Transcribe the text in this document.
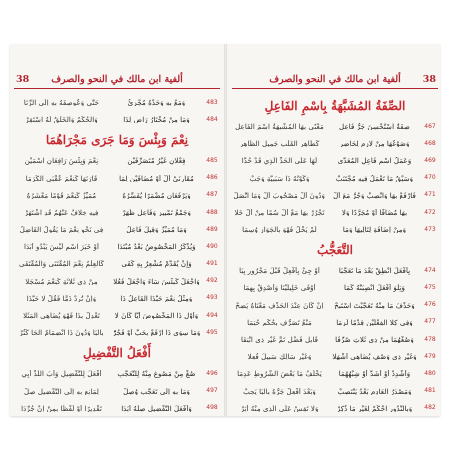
38	ألفية ابن مالك في النحو والصرف
483
وَمَعُ بِهِ وَحَدْهُ مُجْزِئُ
حَتَّى وَعُوصِفَهُ بِهِ إِلَى الرِّنَا
484
وَمَا مِنْ مُخْتَارُ رَاضٍ لِذَا
وَالحُكْمُ وَالخَلْقُ لَهُ اسْتَقِرْ
نِعْمَ وَبِئْسَ وَمَا جَرَى مَجْرَاهُمَا
485
فِعْلانِ غَيْرُ مُتَصَرِّفَيْنِ
نِعْمَ وَبِئْسَ رَافِعَانِ اسْمَيْنِ
486
مُقَارِنَيْ أَلْ أَوْ مُضَافَيْنِ لِمَا
قَارَنَهَا كَنِعْمَ عُقْبَى الكُرَمَا
487
وَيَرْفَعَانِ مُضْمَرًا يُفَسِّرُهُ
مُمَيِّزٌ كَنِعْمَ قَوْمًا مَعْشَرُهُ
488
وَجَمْعُ تَمْيِيزٍ وَفَاعِلٍ ظَهَرْ
فِيهِ خِلافٌ عَنْهُمُ قَدِ اشْتَهَرْ
489
وَمَا مُمَيِّزٌ وَقِيلَ فَاعِلُ
فِي نَحْوِ نِعْمَ مَا يَقُولُ الفَاضِلُ
490
وَيُذْكَرُ المَخْصُوصُ بَعْدُ مُبْتَدَا
أَوْ خَبَرَ اسْمٍ لَيْسَ يَبْدُو أَبَدَا
491
وَإِنْ يُقَدَّمْ مُشْعِرٌ بِهِ كَفَى
كَالعِلْمُ نِعْمَ المُقْتَنَى وَالمُقْتَفَى
492
وَاجْعَلْ كَبِئْسَ سَاءَ وَاجْعَلْ فَعُلا
مِنْ ذِي ثَلاثَةٍ كَنِعْمَ مُسْجَلا
493
وَمِثْلُ نِعْمَ حَبَّذَا الفَاعِلُ ذَا
وَإِنْ تُرِدْ ذَمًّا فَقُلْ لا حَبَّذَا
494
وَأَوْلِ ذَا المَخْصُوصَ أَيًّا كَانَ لا
تَعْدِلْ بِذَا فَهْوَ يُضَاهِي المَثَلا
495
وَمَا سِوَى ذَا ارْفَعْ بِحَبَّ أَوْ فَجُرّْ
بِالبَا وَدُونَ ذَا انْضِمَامُ الحَا كَثُرْ
أَفْعَلُ التَّفْضِيلِ
496
صُغْ مِنْ مَصُوغٍ مِنْهُ لِلتَّعَجُّبِ
أَفْعَلَ لِلتَّفْضِيلِ وَأْبَ اللَّذْ أُبِي
497
وَمَا بِهِ إِلَى تَعَجُّبٍ وُصِلْ
لِمَانِعٍ بِهِ إِلَى التَّفْضِيلِ صِلْ
498
وَأَفْعَلَ التَّفْضِيلِ صِلْهُ أَبَدَا
تَقْدِيرًا أَوْ لَفْظًا بِمِنْ إِنْ جُرِّدَا
38
ألفية ابن مالك في النحو والصرف
الصِّفَةُ المُشَبَّهَةُ بِاسْمِ الفَاعِلِ
467
صِفَةٌ اسْتُحْسِنَ جَرُّ فَاعِلِ
مَعْنًى بِهَا المُشْبِهَةُ اسْمَ الفَاعِلِ
468
وَصَوْغُهَا مِنْ لازِمٍ لِحَاضِرِ
كَطَاهِرِ القَلْبِ جَمِيلِ الظَّاهِرِ
469
وَعَمَلُ اسْمِ فَاعِلِ المُعَدَّى
لَهَا عَلَى الحَدِّ الَّذِي قَدْ حُدَّا
470
وَسَبْقُ مَا تَعْمَلُ فِيهِ مُجْتَنَبْ
وَكَوْنُهُ ذَا سَبَبِيَّةٍ وَجَبْ
471
فَارْفَعْ بِهَا وَانْصِبْ وَجُرَّ مَعَ أَلْ
وَدُونَ أَلْ مَصْحُوبَ أَلْ وَمَا اتَّصَلْ
472
بِهَا مُضَافًا أَوْ مُجَرَّدًا وَلا
تَجْرُرْ بِهَا مَعْ أَلْ سُمًا مِنْ أَلْ خَلا
473
وَمِنْ إِضَافَةٍ لِتَالِيهَا وَمَا
لَمْ يَخْلُ فَهْوَ بِالجَوَازِ وُسِمَا
التَّعَجُّبُ
474
بِأَفْعَلَ انْطِقْ بَعْدَ مَا تَعَجُّبَا
أَوْ جِئْ بِأَفْعِلْ قَبْلَ مَجْرُورٍ بِبَا
475
وَتِلْوَ أَفْعَلَ انْصِبَنَّهُ كَمَا
أَوْفَى خَلِيلَيْنَا وَأَصْدِقْ بِهِمَا
476
وَحَذْفَ مَا مِنْهُ تَعَجَّبْتَ اسْتَبِحْ
إِنْ كَانَ عِنْدَ الحَذْفِ مَعْنَاهُ يَضِحْ
477
وَفِي كِلا الفِعْلَيْنِ قِدْمًا لَزِمَا
مَنْعُ تَصَرُّفٍ بِحُكْمٍ حُتِمَا
478
وَصُغْهُمَا مِنْ ذِي ثَلاثٍ صُرِّفَا
قَابِلِ فَضْلٍ تَمَّ غَيْرِ ذِي انْتِفَا
479
وَغَيْرِ ذِي وَصْفٍ يُضَاهِي أَشْهَلا
وَغَيْرِ سَالِكٍ سَبِيلَ فُعِلا
480
وَأَشْدِدْ أَوْ أَشَدَّ أَوْ شِبْهُهُمَا
يَخْلُفُ مَا بَعْضَ الشُّرُوطِ عَدِمَا
481
وَمَصْدَرُ العَادِمِ بَعْدُ يَنْتَصِبْ
وَبَعْدَ أَفْعِلْ جَرُّهُ بِالبَا يَجِبْ
482
وَبِالنُّدُورِ احْكُمْ لِغَيْرِ مَا ذُكِرْ
وَلا تَقِسْ عَلَى الَّذِي مِنْهُ أُثِرْ
